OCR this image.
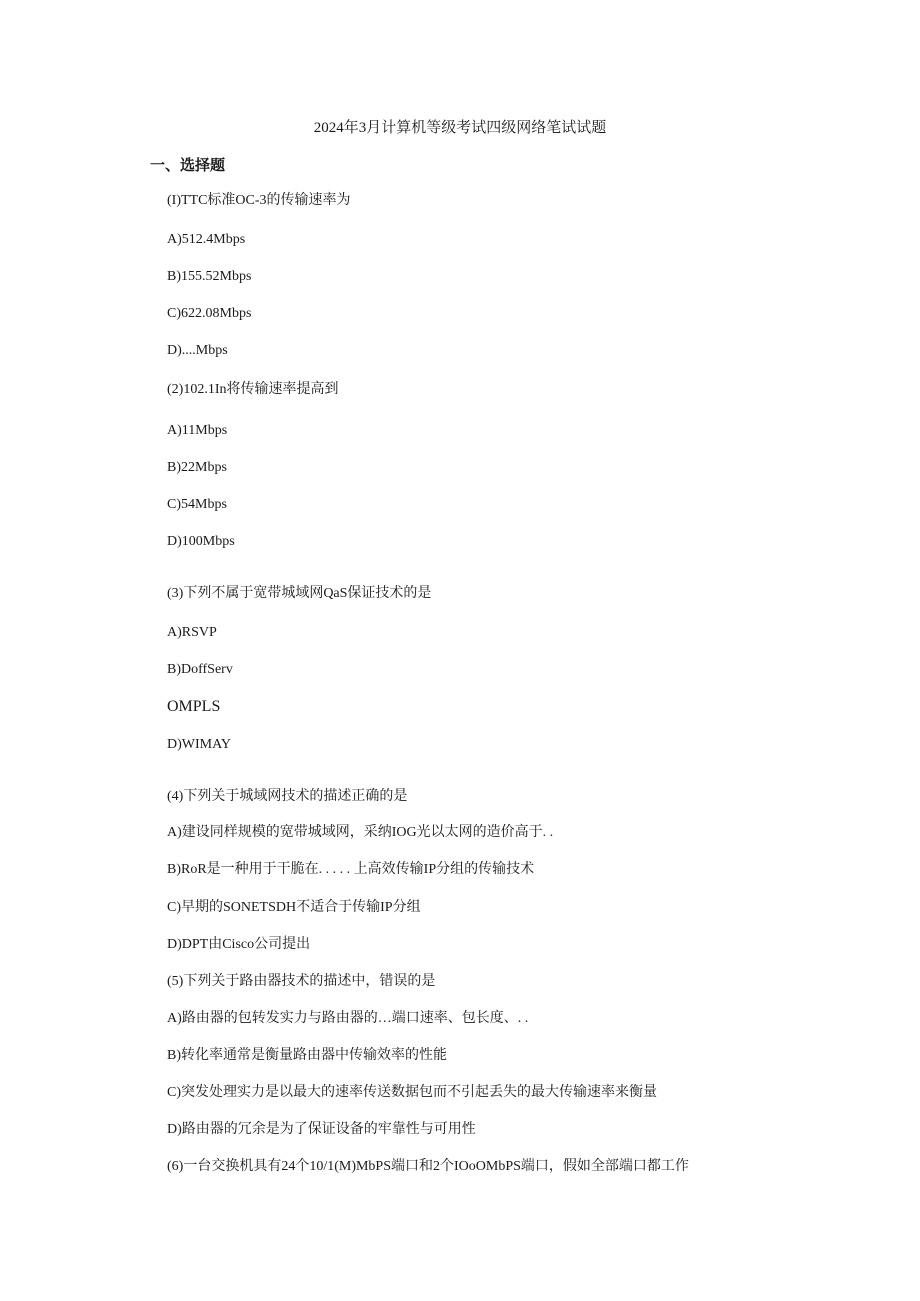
2024年3月计算机等级考试四级网络笔试试题
一、选择题
(I)TTC标准OC-3的传输速率为
A)512.4Mbps
B)155.52Mbps
C)622.08Mbps
D)....Mbps
(2)102.1In将传输速率提高到
A)11Mbps
B)22Mbps
C)54Mbps
D)100Mbps
(3)下列不属于宽带城域网QaS保证技术的是
A)RSVP
B)DoffServ
OMPLS
D)WIMAY
(4)下列关于城域网技术的描述正确的是
A)建设同样规模的宽带城域网，采纳IOG光以太网的造价高于. .
B)RoR是一种用于干脆在. . . . . 上高效传输IP分组的传输技术
C)早期的SONETSDH不适合于传输IP分组
D)DPT由Cisco公司提出
(5)下列关于路由器技术的描述中，错误的是
A)路由器的包转发实力与路由器的…端口速率、包长度、. .
B)转化率通常是衡量路由器中传输效率的性能
C)突发处理实力是以最大的速率传送数据包而不引起丢失的最大传输速率来衡量
D)路由器的冗余是为了保证设备的牢靠性与可用性
(6)一台交换机具有24个10/1(M)MbPS端口和2个IOoOMbPS端口，假如全部端口都工作
